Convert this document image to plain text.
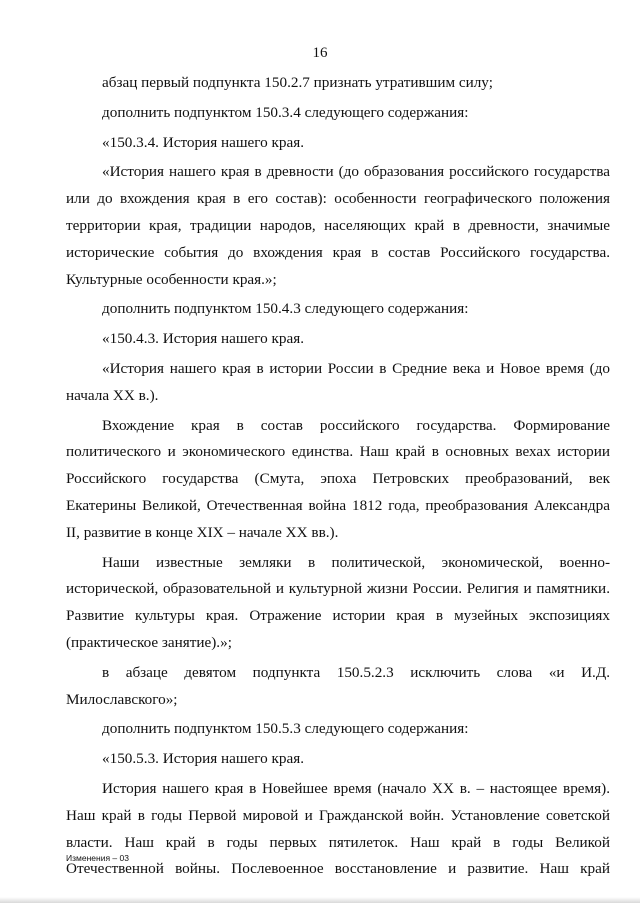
16

абзац первый подпункта 150.2.7 признать утратившим силу;

дополнить подпунктом 150.3.4 следующего содержания:

«150.3.4. История нашего края.

«История нашего края в древности (до образования российского государства или до вхождения края в его состав): особенности географического положения территории края, традиции народов, населяющих край в древности, значимые исторические события до вхождения края в состав Российского государства. Культурные особенности края.»;

дополнить подпунктом 150.4.3 следующего содержания:

«150.4.3. История нашего края.

«История нашего края в истории России в Средние века и Новое время (до начала XX в.).

Вхождение края в состав российского государства. Формирование политического и экономического единства. Наш край в основных вехах истории Российского государства (Смута, эпоха Петровских преобразований, век Екатерины Великой, Отечественная война 1812 года, преобразования Александра II, развитие в конце XIX – начале XX вв.).

Наши известные земляки в политической, экономической, военно-исторической, образовательной и культурной жизни России. Религия и памятники. Развитие культуры края. Отражение истории края в музейных экспозициях (практическое занятие).»;

в абзаце девятом подпункта 150.5.2.3 исключить слова «и И.Д. Милославского»;

дополнить подпунктом 150.5.3 следующего содержания:

«150.5.3. История нашего края.

История нашего края в Новейшее время (начало XX в. – настоящее время). Наш край в годы Первой мировой и Гражданской войн. Установление советской власти. Наш край в годы первых пятилеток. Наш край в годы Великой Отечественной войны. Послевоенное восстановление и развитие. Наш край

Изменения – 03
